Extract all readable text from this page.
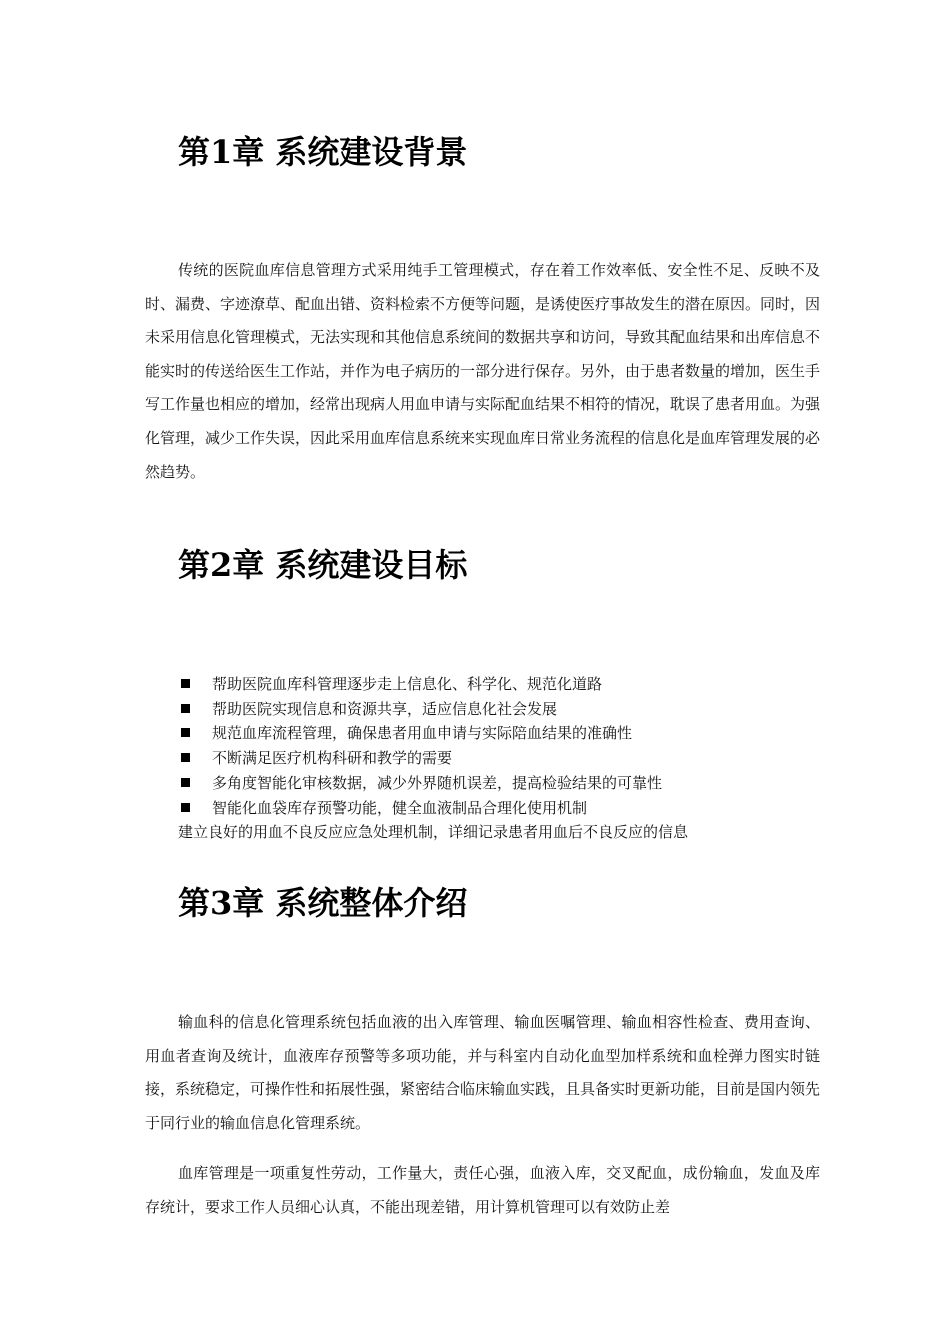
第1章 系统建设背景

传统的医院血库信息管理方式采用纯手工管理模式，存在着工作效率低、安全性不足、反映不及时、漏费、字迹潦草、配血出错、资料检索不方便等问题，是诱使医疗事故发生的潜在原因。同时，因未采用信息化管理模式，无法实现和其他信息系统间的数据共享和访问，导致其配血结果和出库信息不能实时的传送给医生工作站，并作为电子病历的一部分进行保存。另外，由于患者数量的增加，医生手写工作量也相应的增加，经常出现病人用血申请与实际配血结果不相符的情况，耽误了患者用血。为强化管理，减少工作失误，因此采用血库信息系统来实现血库日常业务流程的信息化是血库管理发展的必然趋势。

第2章 系统建设目标
帮助医院血库科管理逐步走上信息化、科学化、规范化道路
帮助医院实现信息和资源共享，适应信息化社会发展
规范血库流程管理，确保患者用血申请与实际陪血结果的准确性
不断满足医疗机构科研和教学的需要
多角度智能化审核数据，减少外界随机误差，提高检验结果的可靠性
智能化血袋库存预警功能，健全血液制品合理化使用机制
建立良好的用血不良反应应急处理机制，详细记录患者用血后不良反应的信息
第3章 系统整体介绍

输血科的信息化管理系统包括血液的出入库管理、输血医嘱管理、输血相容性检查、费用查询、用血者查询及统计，血液库存预警等多项功能，并与科室内自动化血型加样系统和血栓弹力图实时链接，系统稳定，可操作性和拓展性强，紧密结合临床输血实践，且具备实时更新功能，目前是国内领先于同行业的输血信息化管理系统。

血库管理是一项重复性劳动，工作量大，责任心强，血液入库，交叉配血，成份输血，发血及库存统计，要求工作人员细心认真，不能出现差错，用计算机管理可以有效防止差
